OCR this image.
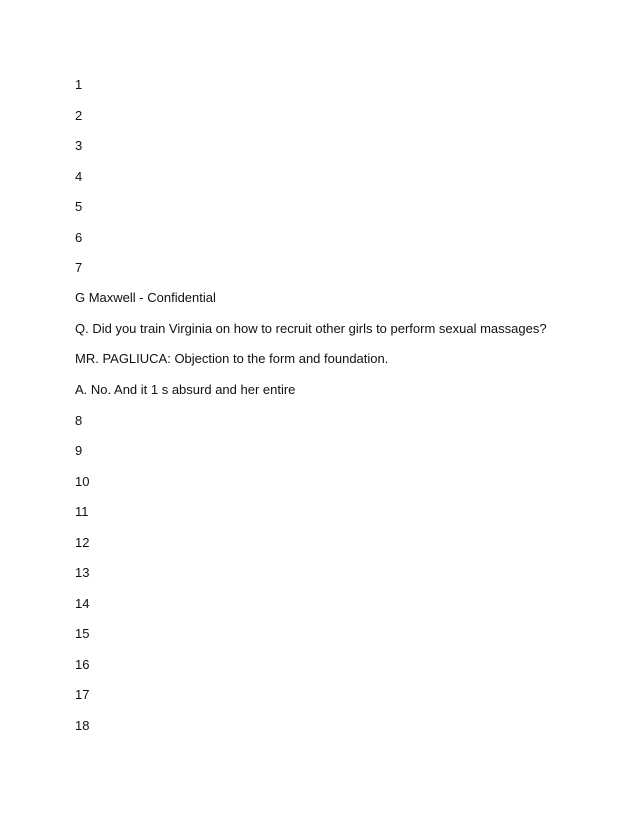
1
2
3
4
5
6
7
G Maxwell - Confidential
Q. Did you train Virginia on how to recruit other girls to perform sexual massages?
MR. PAGLIUCA: Objection to the form and foundation.
A. No. And it 1 s absurd and her entire
8
9
10
11
12
13
14
15
16
17
18
